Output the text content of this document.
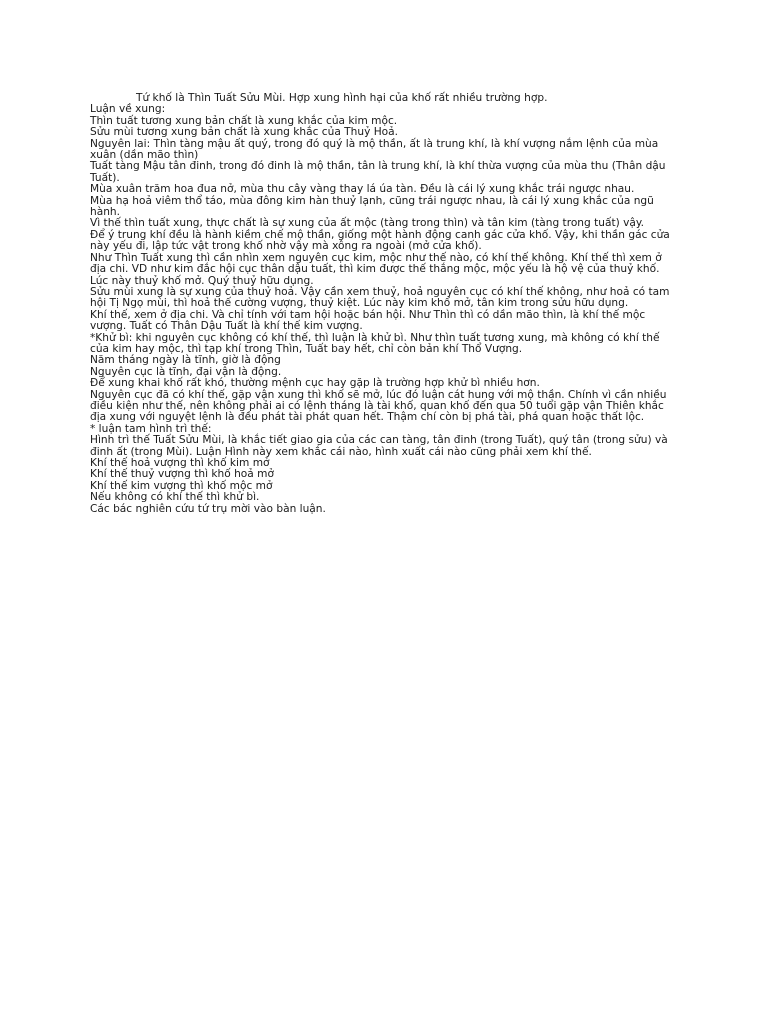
Tứ khố là Thìn Tuất Sửu Mùi. Hợp xung hình hại của khố rất nhiều trường hợp.

Luận về xung:

Thìn tuất tương xung bản chất là xung khắc của kim mộc.

Sửu mùi tương xung bản chất là xung khắc của Thuỷ Hoả.

Nguyên lai: Thìn tàng mậu ất quý, trong đó quý là mộ thần, ất là trung khí, là khí vượng nắm lệnh của mùa xuân (dần mão thìn)

Tuất tàng Mậu tân đinh, trong đó đinh là mộ thần, tân là trung khí, là khí thừa vượng của mùa thu (Thân dậu Tuất).

Mùa xuân trăm hoa đua nở, mùa thu cây vàng thay lá úa tàn. Đều là cái lý xung khắc trái ngược nhau.

Mùa hạ hoả viêm thổ táo, mùa đông kim hàn thuỷ lạnh, cũng trái ngược nhau, là cái lý xung khắc của ngũ hành.

Vì thế thìn tuất xung, thực chất là sự xung của ất mộc (tàng trong thìn) và tân kim (tàng trong tuất) vậy.

Để ý trung khí đều là hành kiềm chế mộ thần, giống một hành động canh gác cửa khố. Vậy, khi thần gác cửa này yếu đi, lập tức vật trong khố nhờ vậy mà xông ra ngoài (mở cửa khố).

Như Thìn Tuất xung thì cần nhìn xem nguyên cục kim, mộc như thế nào, có khí thế không. Khí thế thì xem ở địa chi. VD như kim đắc hội cục thân dậu tuất, thì kim được thế thắng mộc, mộc yếu là hộ vệ của thuỷ khố. Lúc này thuỷ khố mở. Quý thuỷ hữu dụng.

Sửu mùi xung là sự xung của thuỷ hoả. Vậy cần xem thuỷ, hoả nguyên cục có khí thế không, như hoả có tam hội Tị Ngọ mùi, thì hoả thế cường vượng, thuỷ kiệt. Lúc này kim khố mở, tân kim trong sửu hữu dụng.

Khí thế, xem ở địa chi. Và chỉ tính với tam hội hoặc bán hội. Như Thìn thì có dần mão thìn, là khí thế mộc vượng. Tuất có Thân Dậu Tuất là khí thế kim vượng.

*Khử bì: khi nguyên cục không có khí thế, thì luận là khử bì. Như thìn tuất tương xung, mà không có khí thế của kim hay mộc, thì tạp khí trong Thìn, Tuất bay hết, chỉ còn bản khí Thổ Vượng.

Năm tháng ngày là tĩnh, giờ là động

Nguyên cục là tĩnh, đại vận là động.

Để xung khai khố rất khó, thường mệnh cục hay gặp là trường hợp khử bì nhiều hơn.

Nguyên cục đã có khí thế, gặp vận xung thì khố sẽ mở, lúc đó luận cát hung với mộ thần. Chính vì cần nhiều điều kiện như thế, nên không phải ai có lệnh tháng là tài khố, quan khố đến qua 50 tuổi gặp vận Thiên khắc địa xung với nguyệt lệnh là đều phát tài phát quan hết. Thậm chí còn bị phá tài, phá quan hoặc thất lộc.

* luận tam hình trì thế:

Hình trì thế Tuất Sửu Mùi, là khắc tiết giao gia của các can tàng, tân đinh (trong Tuất), quý tân (trong sửu) và đinh ất (trong Mùi). Luận Hình này xem khắc cái nào, hình xuất cái nào cũng phải xem khí thế.

Khí thế hoả vượng thì khố kim mở

Khí thế thuỷ vượng thì khố hoả mở

Khí thế kim vượng thì khố mộc mở

Nếu không có khí thế thì khử bì.

Các bác nghiên cứu tứ trụ mời vào bàn luận.
